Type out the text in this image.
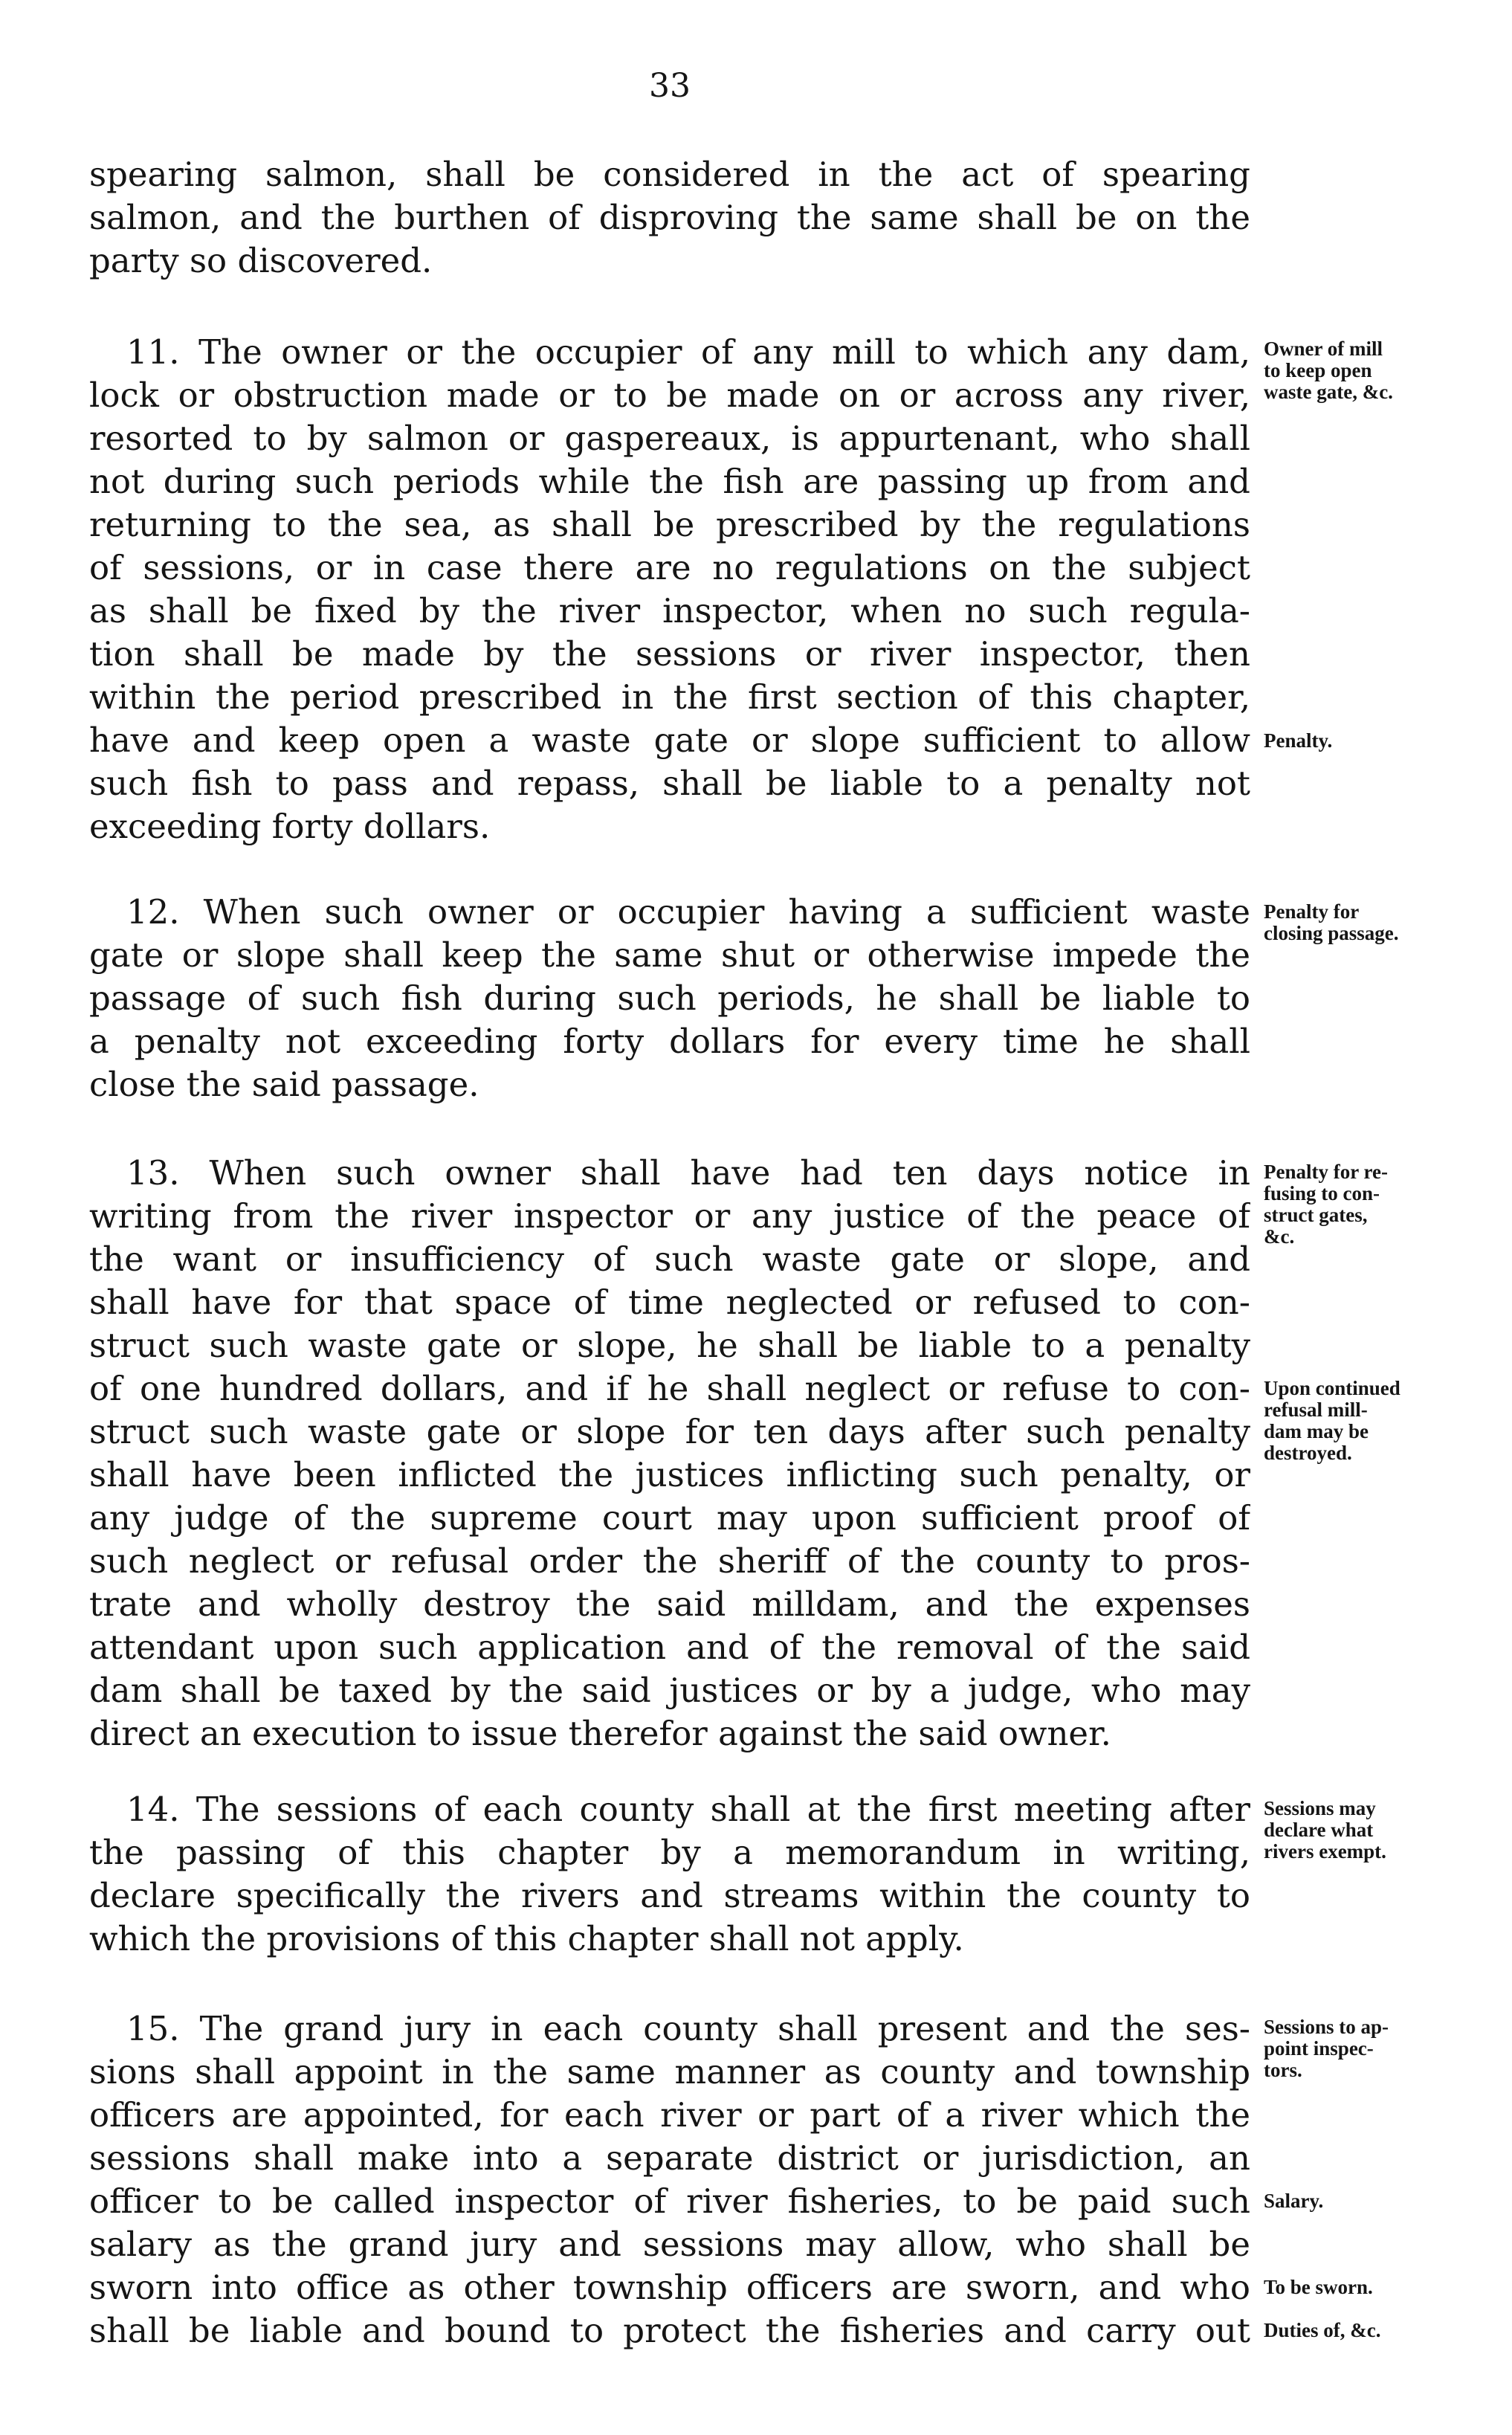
33
spearing salmon, shall be considered in the act of spearing
salmon, and the burthen of disproving the same shall be on the
party so discovered.
11. The owner or the occupier of any mill to which any dam,
lock or obstruction made or to be made on or across any river,
resorted to by salmon or gaspereaux, is appurtenant, who shall
not during such periods while the fish are passing up from and
returning to the sea, as shall be prescribed by the regulations
of sessions, or in case there are no regulations on the subject
as shall be fixed by the river inspector, when no such regula-
tion shall be made by the sessions or river inspector, then
within the period prescribed in the first section of this chapter,
have and keep open a waste gate or slope sufficient to allow
such fish to pass and repass, shall be liable to a penalty not
exceeding forty dollars.
12. When such owner or occupier having a sufficient waste
gate or slope shall keep the same shut or otherwise impede the
passage of such fish during such periods, he shall be liable to
a penalty not exceeding forty dollars for every time he shall
close the said passage.
13. When such owner shall have had ten days notice in
writing from the river inspector or any justice of the peace of
the want or insufficiency of such waste gate or slope, and
shall have for that space of time neglected or refused to con-
struct such waste gate or slope, he shall be liable to a penalty
of one hundred dollars, and if he shall neglect or refuse to con-
struct such waste gate or slope for ten days after such penalty
shall have been inflicted the justices inflicting such penalty, or
any judge of the supreme court may upon sufficient proof of
such neglect or refusal order the sheriff of the county to pros-
trate and wholly destroy the said milldam, and the expenses
attendant upon such application and of the removal of the said
dam shall be taxed by the said justices or by a judge, who may
direct an execution to issue therefor against the said owner.
14. The sessions of each county shall at the first meeting after
the passing of this chapter by a memorandum in writing,
declare specifically the rivers and streams within the county to
which the provisions of this chapter shall not apply.
15. The grand jury in each county shall present and the ses-
sions shall appoint in the same manner as county and township
officers are appointed, for each river or part of a river which the
sessions shall make into a separate district or jurisdiction, an
officer to be called inspector of river fisheries, to be paid such
salary as the grand jury and sessions may allow, who shall be
sworn into office as other township officers are sworn, and who
shall be liable and bound to protect the fisheries and carry out
Owner of mill
to keep open
waste gate, &c.
Penalty.
Penalty for
closing passage.
Penalty for re-
fusing to con-
struct gates,
&c.
Upon continued
refusal mill-
dam may be
destroyed.
Sessions may
declare what
rivers exempt.
Sessions to ap-
point inspec-
tors.
Salary.
To be sworn.
Duties of, &c.
